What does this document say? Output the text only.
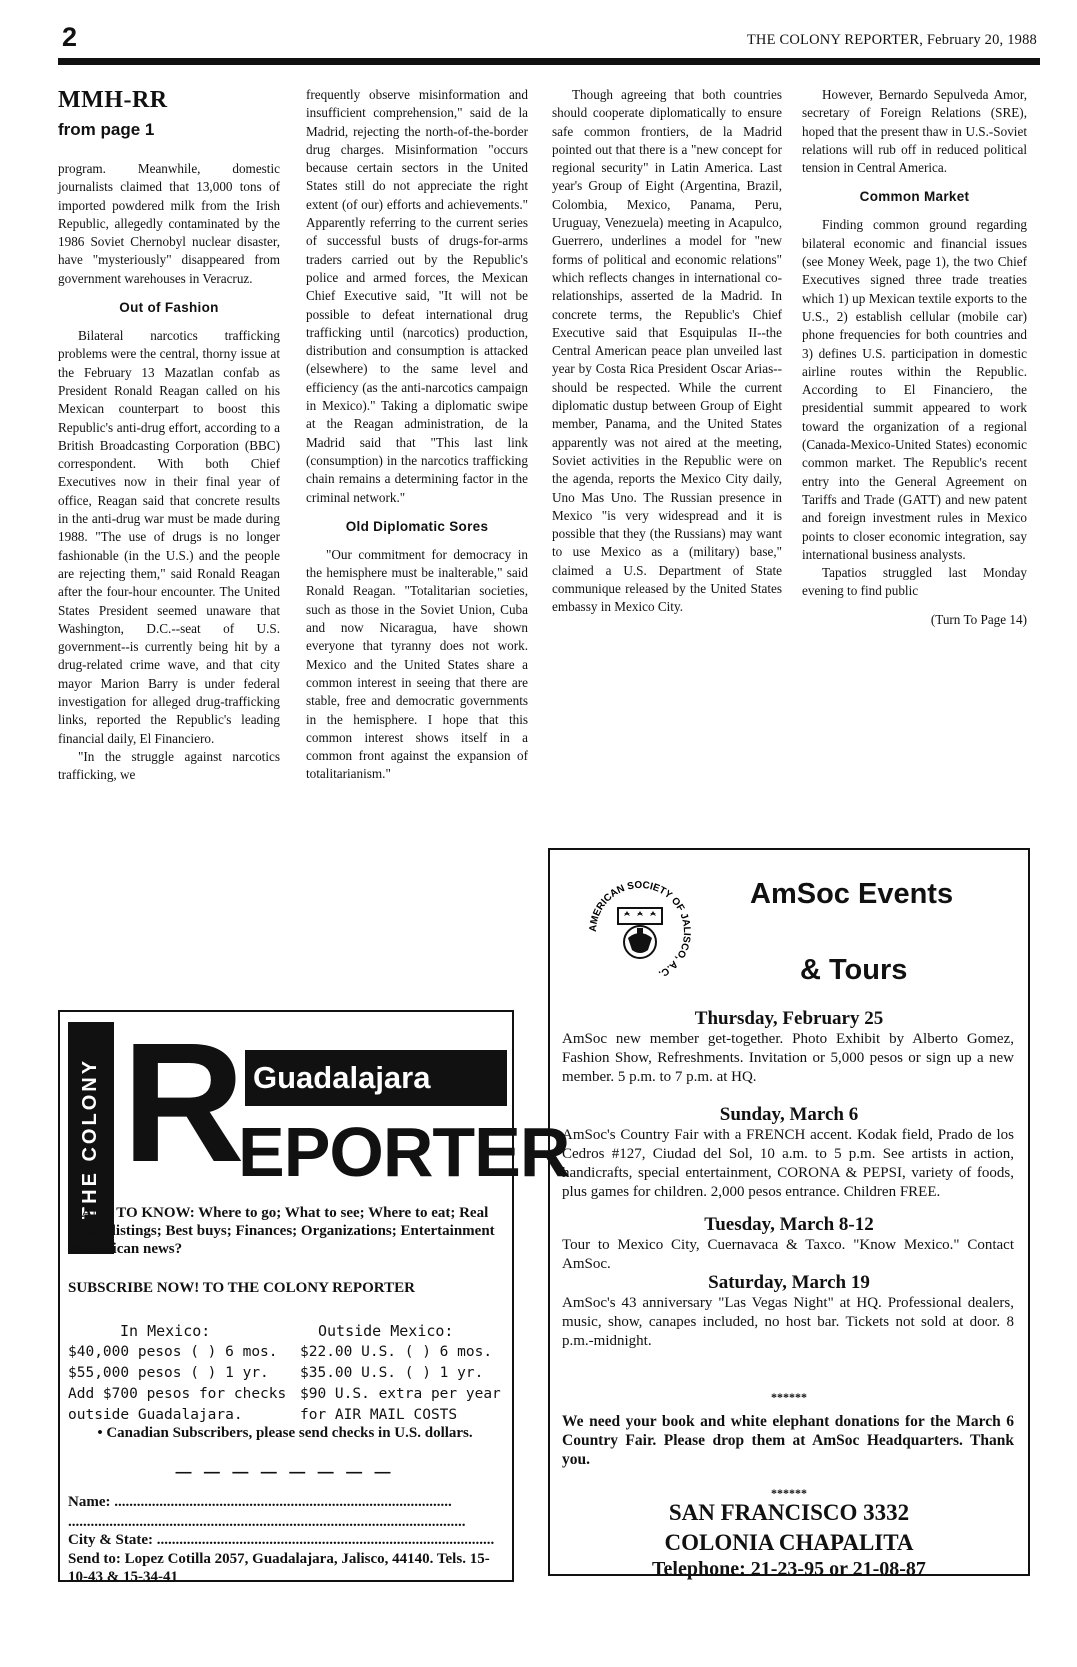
2	THE COLONY REPORTER, February 20, 1988
MMH-RR
from page 1

program. Meanwhile, domestic journalists claimed that 13,000 tons of imported powdered milk from the Irish Republic, allegedly contaminated by the 1986 Soviet Chernobyl nuclear disaster, have "mysteriously" disappeared from government warehouses in Veracruz.

Out of Fashion

Bilateral narcotics trafficking problems were the central, thorny issue at the February 13 Mazatlan confab as President Ronald Reagan called on his Mexican counterpart to boost this Republic's anti-drug effort, according to a British Broadcasting Corporation (BBC) correspondent. With both Chief Executives now in their final year of office, Reagan said that concrete results in the anti-drug war must be made during 1988. "The use of drugs is no longer fashionable (in the U.S.) and the people are rejecting them," said Ronald Reagan after the four-hour encounter. The United States President seemed unaware that Washington, D.C.--seat of U.S. government--is currently being hit by a drug-related crime wave, and that city mayor Marion Barry is under federal investigation for alleged drug-trafficking links, reported the Republic's leading financial daily, El Financiero.

"In the struggle against narcotics trafficking, we

frequently observe misinformation and insufficient comprehension," said de la Madrid, rejecting the north-of-the-border drug charges. Misinformation "occurs because certain sectors in the United States still do not appreciate the right extent (of our) efforts and achievements." Apparently referring to the current series of successful busts of drugs-for-arms traders carried out by the Republic's police and armed forces, the Mexican Chief Executive said, "It will not be possible to defeat international drug trafficking until (narcotics) production, distribution and consumption is attacked (elsewhere) to the same level and efficiency (as the anti-narcotics campaign in Mexico)." Taking a diplomatic swipe at the Reagan administration, de la Madrid said that "This last link (consumption) in the narcotics trafficking chain remains a determining factor in the criminal network."

Old Diplomatic Sores

"Our commitment for democracy in the hemisphere must be inalterable," said Ronald Reagan. "Totalitarian societies, such as those in the Soviet Union, Cuba and now Nicaragua, have shown everyone that tyranny does not work. Mexico and the United States share a common interest in seeing that there are stable, free and democratic governments in the hemisphere. I hope that this common interest shows itself in a common front against the expansion of totalitarianism."

Though agreeing that both countries should cooperate diplomatically to ensure safe common frontiers, de la Madrid pointed out that there is a "new concept for regional security" in Latin America. Last year's Group of Eight (Argentina, Brazil, Colombia, Mexico, Panama, Peru, Uruguay, Venezuela) meeting in Acapulco, Guerrero, underlines a model for "new forms of political and economic relations" which reflects changes in international co-relationships, asserted de la Madrid. In concrete terms, the Republic's Chief Executive said that Esquipulas II--the Central American peace plan unveiled last year by Costa Rica President Oscar Arias--should be respected. While the current diplomatic dustup between Group of Eight member, Panama, and the United States apparently was not aired at the meeting, Soviet activities in the Republic were on the agenda, reports the Mexico City daily, Uno Mas Uno. The Russian presence in Mexico "is very widespread and it is possible that they (the Russians) may want to use Mexico as a (military) base," claimed a U.S. Department of State communique released by the United States embassy in Mexico City.

However, Bernardo Sepulveda Amor, secretary of Foreign Relations (SRE), hoped that the present thaw in U.S.-Soviet relations will rub off in reduced political tension in Central America.

Common Market

Finding common ground regarding bilateral economic and financial issues (see Money Week, page 1), the two Chief Executives signed three trade treaties which 1) up Mexican textile exports to the U.S., 2) establish cellular (mobile car) phone frequencies for both countries and 3) defines U.S. participation in domestic airline routes within the Republic. According to El Financiero, the presidential summit appeared to work toward the organization of a regional (Canada-Mexico-United States) economic common market. The Republic's recent entry into the General Agreement on Tariffs and Trade (GATT) and new patent and foreign investment rules in Mexico points to closer economic integration, say international business analysts.

Tapatios struggled last Monday evening to find public

(Turn To Page 14)

THE COLONY R Guadalajara
EPORTER
WANT TO KNOW: Where to go; What to see; Where to eat; Real Estate listings; Best buys; Finances; Organizations; Entertainment & Mexican news?
SUBSCRIBE NOW! TO THE COLONY REPORTER
In Mexico:	Outside Mexico:
$40,000 pesos ( ) 6 mos. $22.00 U.S. ( ) 6 mos.
$55,000 pesos ( ) 1 yr. $35.00 U.S. ( ) 1 yr.
Add $700 pesos for checks $90 U.S. extra per year
outside Guadalajara.	for AIR MAIL COSTS
• Canadian Subscribers, please send checks in U.S. dollars.
— — — — — — — —
Name: ..........................................................................................
..........................................................................................................
City & State: ..........................................................................................
Send to: Lopez Cotilla 2057, Guadalajara, Jalisco, 44140. Tels. 15-10-43 & 15-34-41
AMERICAN SOCIETY OF JALISCO, A.C.
AmSoc Events
& Tours
Thursday, February 25
AmSoc new member get-together. Photo Exhibit by Alberto Gomez, Fashion Show, Refreshments. Invitation or 5,000 pesos or sign up a new member. 5 p.m. to 7 p.m. at HQ.
Sunday, March 6
AmSoc's Country Fair with a FRENCH accent. Kodak field, Prado de los Cedros #127, Ciudad del Sol, 10 a.m. to 5 p.m. See artists in action, handicrafts, special entertainment, CORONA & PEPSI, variety of foods, plus games for children. 2,000 pesos entrance. Children FREE.
Tuesday, March 8-12
Tour to Mexico City, Cuernavaca & Taxco. "Know Mexico." Contact AmSoc.
Saturday, March 19
AmSoc's 43 anniversary "Las Vegas Night" at HQ. Professional dealers, music, show, canapes included, no host bar. Tickets not sold at door. 8 p.m.-midnight.
******
We need your book and white elephant donations for the March 6 Country Fair. Please drop them at AmSoc Headquarters. Thank you.
******
SAN FRANCISCO 3332
COLONIA CHAPALITA
Telephone: 21-23-95 or 21-08-87
